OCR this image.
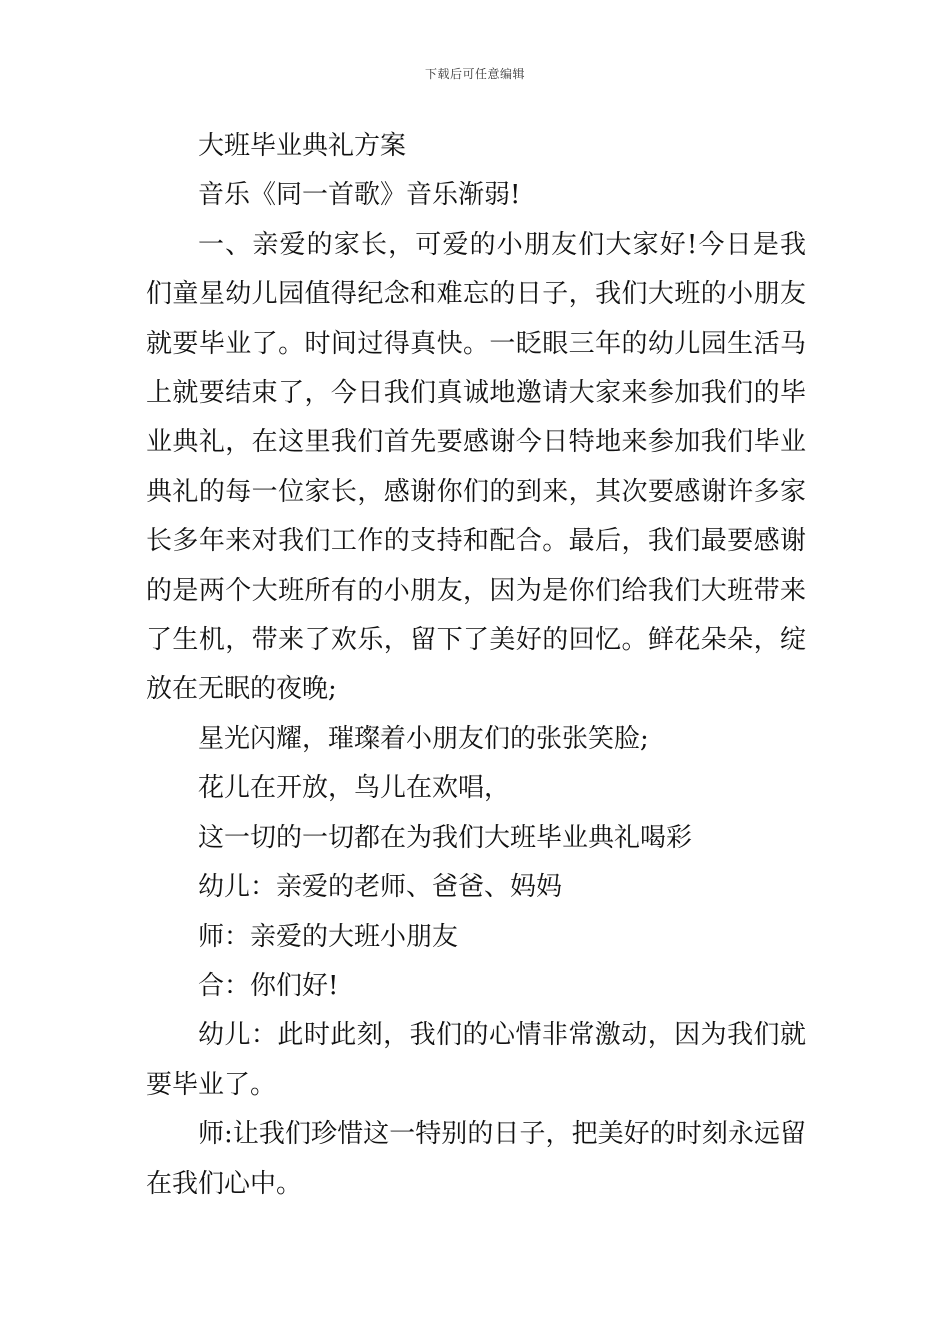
下载后可任意编辑

大班毕业典礼方案

音乐《同一首歌》音乐渐弱!

一、亲爱的家长，可爱的小朋友们大家好!今日是我们童星幼儿园值得纪念和难忘的日子，我们大班的小朋友就要毕业了。时间过得真快。一眨眼三年的幼儿园生活马上就要结束了，今日我们真诚地邀请大家来参加我们的毕业典礼，在这里我们首先要感谢今日特地来参加我们毕业典礼的每一位家长，感谢你们的到来，其次要感谢许多家长多年来对我们工作的支持和配合。最后，我们最要感谢的是两个大班所有的小朋友，因为是你们给我们大班带来了生机，带来了欢乐，留下了美好的回忆。鲜花朵朵，绽放在无眠的夜晚;

星光闪耀，璀璨着小朋友们的张张笑脸;

花儿在开放，鸟儿在欢唱，

这一切的一切都在为我们大班毕业典礼喝彩

幼儿：亲爱的老师、爸爸、妈妈

师：亲爱的大班小朋友

合：你们好!

幼儿：此时此刻，我们的心情非常激动，因为我们就要毕业了。

师:让我们珍惜这一特别的日子，把美好的时刻永远留在我们心中。
